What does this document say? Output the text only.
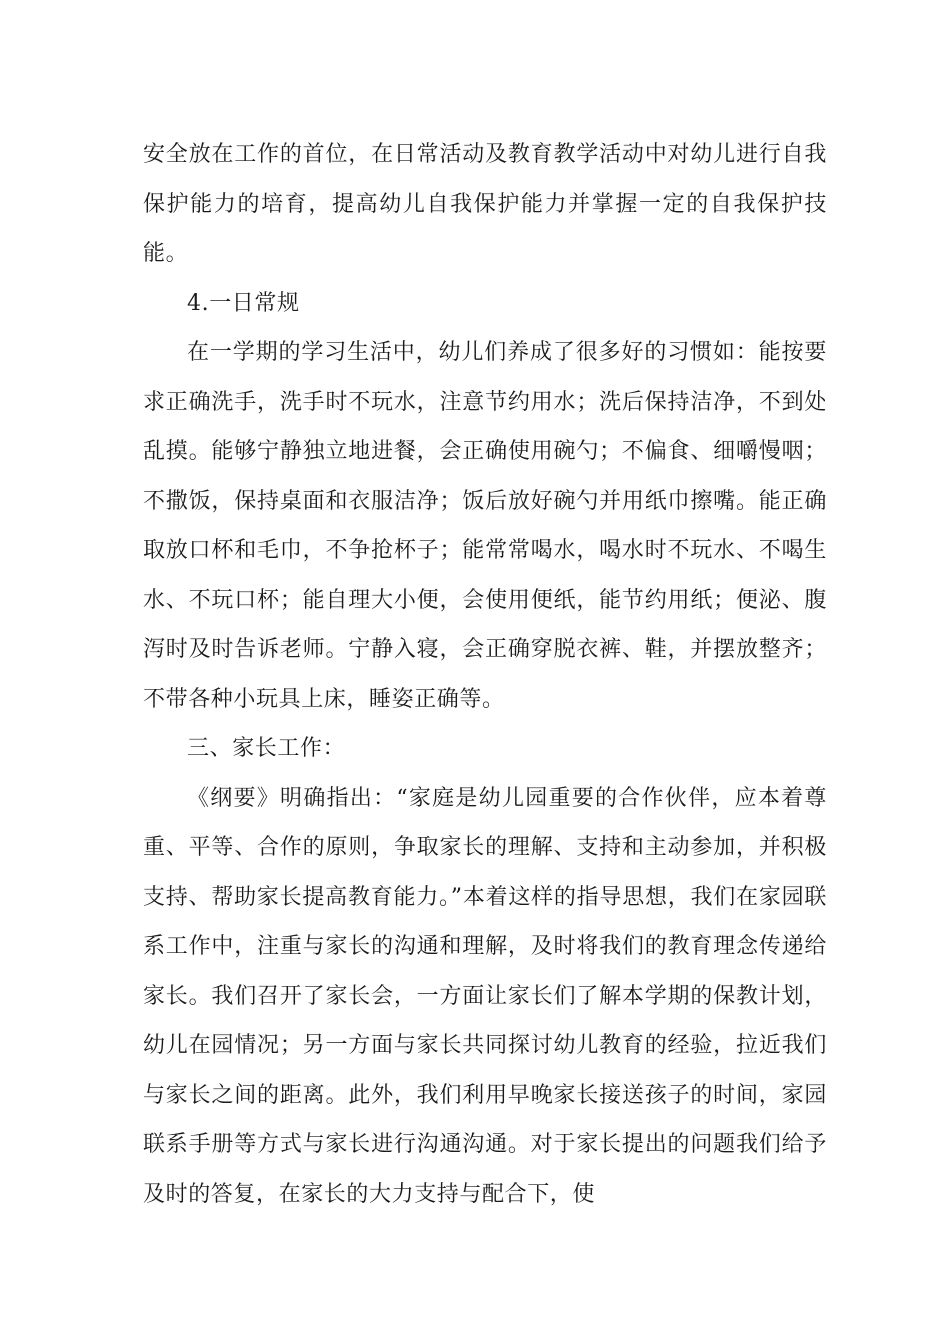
安全放在工作的首位，在日常活动及教育教学活动中对幼儿进行自我保护能力的培育，提高幼儿自我保护能力并掌握一定的自我保护技能。

4.一日常规

在一学期的学习生活中，幼儿们养成了很多好的习惯如：能按要求正确洗手，洗手时不玩水，注意节约用水；洗后保持洁净，不到处乱摸。能够宁静独立地进餐，会正确使用碗勺；不偏食、细嚼慢咽；不撒饭，保持桌面和衣服洁净；饭后放好碗勺并用纸巾擦嘴。能正确取放口杯和毛巾，不争抢杯子；能常常喝水，喝水时不玩水、不喝生水、不玩口杯；能自理大小便，会使用便纸，能节约用纸；便泌、腹泻时及时告诉老师。宁静入寝，会正确穿脱衣裤、鞋，并摆放整齐；不带各种小玩具上床，睡姿正确等。

三、家长工作：

《纲要》明确指出：“家庭是幼儿园重要的合作伙伴，应本着尊重、平等、合作的原则，争取家长的理解、支持和主动参加，并积极支持、帮助家长提高教育能力。”本着这样的指导思想，我们在家园联系工作中，注重与家长的沟通和理解，及时将我们的教育理念传递给家长。我们召开了家长会，一方面让家长们了解本学期的保教计划，幼儿在园情况；另一方面与家长共同探讨幼儿教育的经验，拉近我们与家长之间的距离。此外，我们利用早晚家长接送孩子的时间，家园联系手册等方式与家长进行沟通沟通。对于家长提出的问题我们给予及时的答复，在家长的大力支持与配合下，使
